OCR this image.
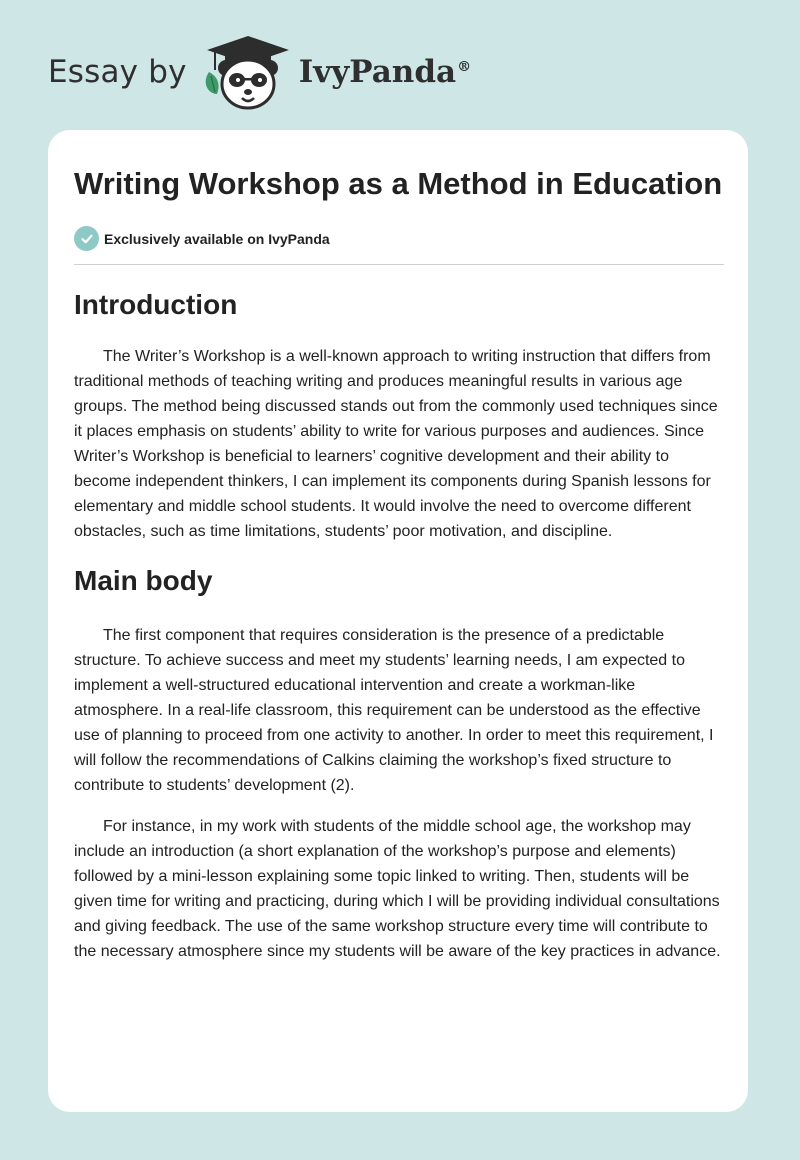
Essay by	IvyPanda®
Writing Workshop as a Method in Education
Exclusively available on IvyPanda
Introduction

The Writer’s Workshop is a well-known approach to writing instruction that differs from traditional methods of teaching writing and produces meaningful results in various age groups. The method being discussed stands out from the commonly used techniques since it places emphasis on students’ ability to write for various purposes and audiences. Since Writer’s Workshop is beneficial to learners’ cognitive development and their ability to become independent thinkers, I can implement its components during Spanish lessons for elementary and middle school students. It would involve the need to overcome different obstacles, such as time limitations, students’ poor motivation, and discipline.

Main body

The first component that requires consideration is the presence of a predictable structure. To achieve success and meet my students’ learning needs, I am expected to implement a well-structured educational intervention and create a workman-like atmosphere. In a real-life classroom, this requirement can be understood as the effective use of planning to proceed from one activity to another. In order to meet this requirement, I will follow the recommendations of Calkins claiming the workshop’s fixed structure to contribute to students’ development (2).

For instance, in my work with students of the middle school age, the workshop may include an introduction (a short explanation of the workshop’s purpose and elements) followed by a mini-lesson explaining some topic linked to writing. Then, students will be given time for writing and practicing, during which I will be providing individual consultations and giving feedback. The use of the same workshop structure every time will contribute to the necessary atmosphere since my students will be aware of the key practices in advance.
